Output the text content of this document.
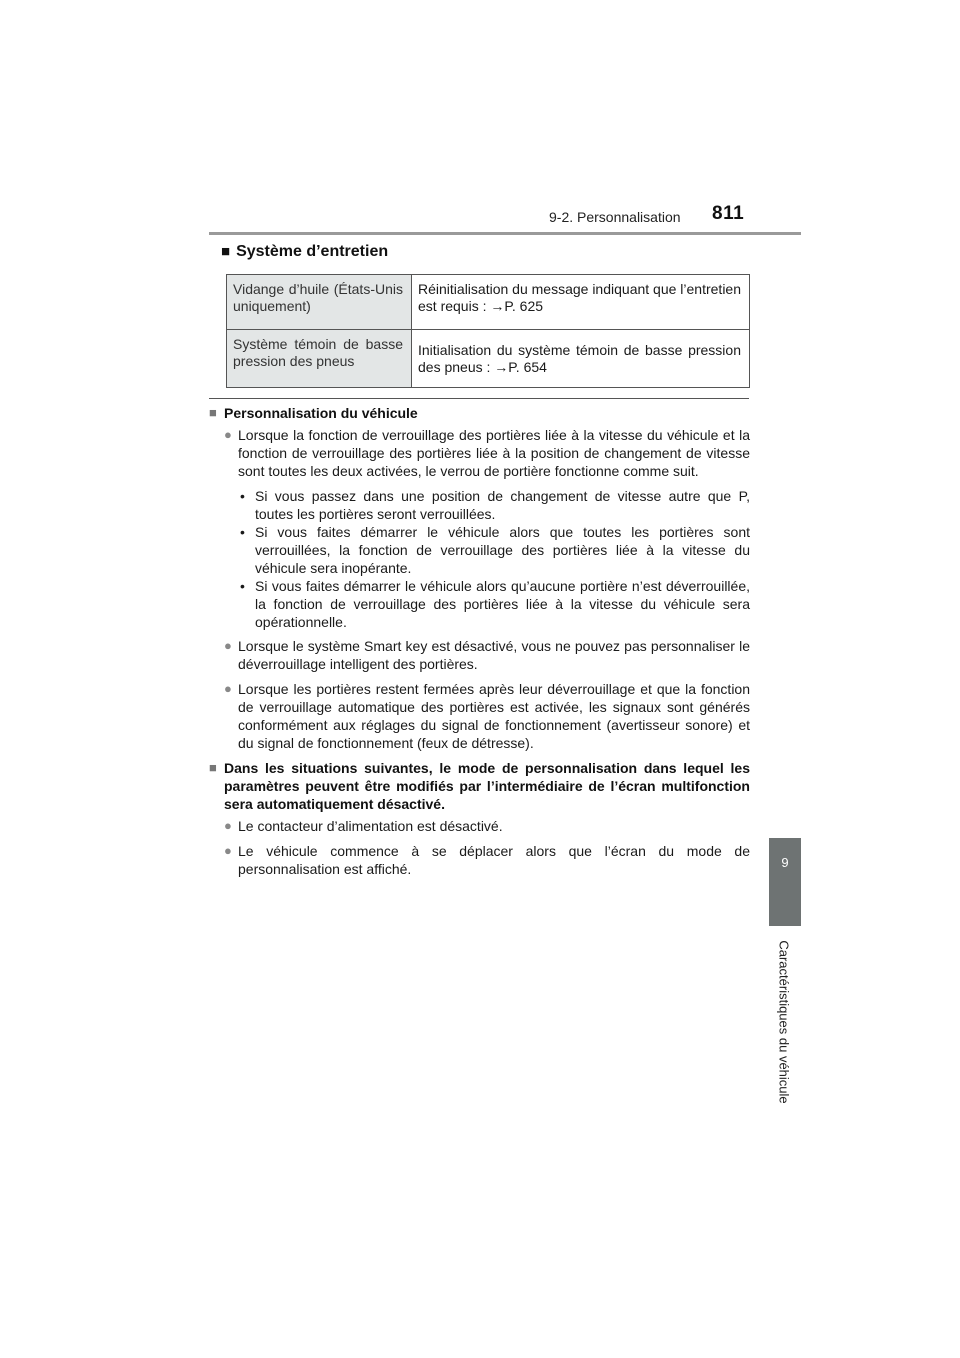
9-2. Personnalisation 811
9
Caractéristiques du véhicule
■ Système d’entretien
Vidange d’huile (États-Unis uniquement)	Réinitialisation du message indiquant que l’entretien est requis : →P. 625
Système témoin de basse pression des pneus	Initialisation du système témoin de basse pression des pneus : →P. 654
■ Personnalisation du véhicule
● Lorsque la fonction de verrouillage des portières liée à la vitesse du véhicule et la fonction de verrouillage des portières liée à la position de changement de vitesse sont toutes les deux activées, le verrou de portière fonctionne comme suit.
• Si vous passez dans une position de changement de vitesse autre que P, toutes les portières seront verrouillées.
• Si vous faites démarrer le véhicule alors que toutes les portières sont verrouillées, la fonction de verrouillage des portières liée à la vitesse du véhicule sera inopérante.
• Si vous faites démarrer le véhicule alors qu’aucune portière n’est déverrouillée, la fonction de verrouillage des portières liée à la vitesse du véhicule sera opérationnelle.
● Lorsque le système Smart key est désactivé, vous ne pouvez pas personnaliser le déverrouillage intelligent des portières.
● Lorsque les portières restent fermées après leur déverrouillage et que la fonction de verrouillage automatique des portières est activée, les signaux sont générés conformément aux réglages du signal de fonctionnement (avertisseur sonore) et du signal de fonctionnement (feux de détresse).
■ Dans les situations suivantes, le mode de personnalisation dans lequel les paramètres peuvent être modifiés par l’intermédiaire de l’écran multifonction sera automatiquement désactivé.
● Le contacteur d’alimentation est désactivé.
● Le véhicule commence à se déplacer alors que l’écran du mode de personnalisation est affiché.
